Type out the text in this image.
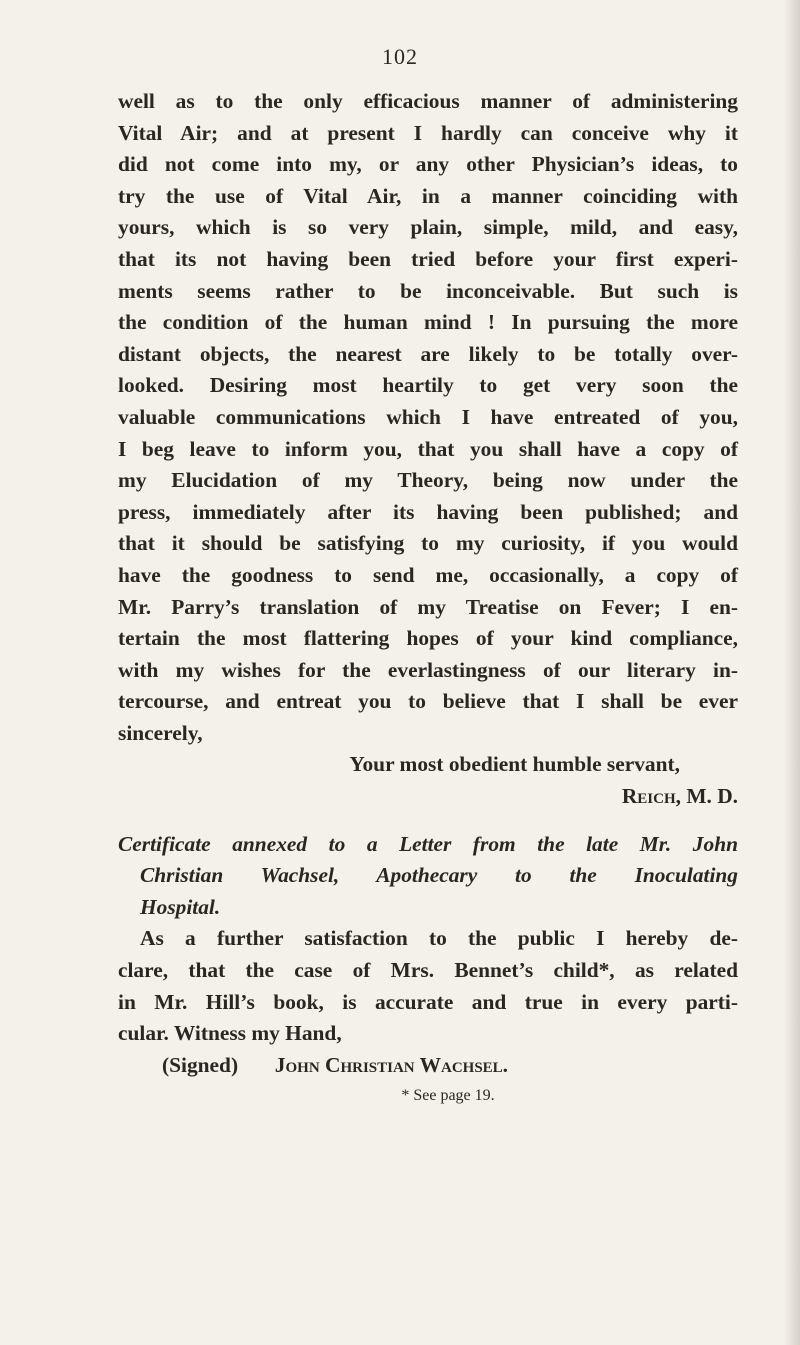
102
well as to the only efficacious manner of administering
Vital Air; and at present I hardly can conceive why it
did not come into my, or any other Physician’s ideas, to
try the use of Vital Air, in a manner coinciding with
yours, which is so very plain, simple, mild, and easy,
that its not having been tried before your first experi-
ments seems rather to be inconceivable. But such is
the condition of the human mind ! In pursuing the more
distant objects, the nearest are likely to be totally over-
looked. Desiring most heartily to get very soon the
valuable communications which I have entreated of you,
I beg leave to inform you, that you shall have a copy of
my Elucidation of my Theory, being now under the
press, immediately after its having been published; and
that it should be satisfying to my curiosity, if you would
have the goodness to send me, occasionally, a copy of
Mr. Parry’s translation of my Treatise on Fever; I en-
tertain the most flattering hopes of your kind compliance,
with my wishes for the everlastingness of our literary in-
tercourse, and entreat you to believe that I shall be ever
sincerely,
Your most obedient humble servant,
Reich, M. D.
Certificate annexed to a Letter from the late Mr. John
Christian Wachsel, Apothecary to the Inoculating
Hospital.
As a further satisfaction to the public I hereby de-
clare, that the case of Mrs. Bennet’s child*, as related
in Mr. Hill’s book, is accurate and true in every parti-
cular. Witness my Hand,
(Signed) John Christian Wachsel.
* See page 19.
